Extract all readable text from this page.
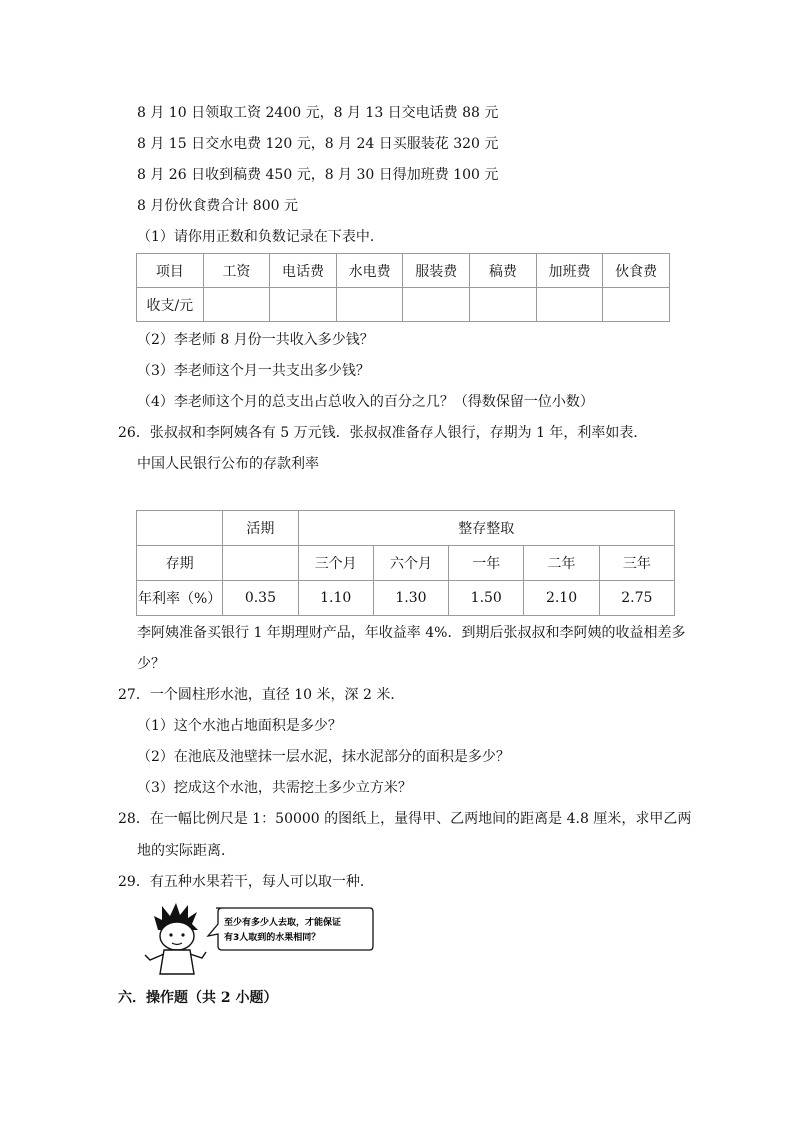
8 月 10 日领取工资 2400 元，8 月 13 日交电话费 88 元
8 月 15 日交水电费 120 元，8 月 24 日买服装花 320 元
8 月 26 日收到稿费 450 元，8 月 30 日得加班费 100 元
8 月份伙食费合计 800 元
（1）请你用正数和负数记录在下表中．
项目	工资	电话费	水电费	服装费	稿费	加班费	伙食费
收支/元							
（2）李老师 8 月份一共收入多少钱？
（3）李老师这个月一共支出多少钱？
（4）李老师这个月的总支出占总收入的百分之几？（得数保留一位小数）
26．张叔叔和李阿姨各有 5 万元钱．张叔叔准备存人银行，存期为 1 年，利率如表．
中国人民银行公布的存款利率
	活期	整存整取				
存期		三个月	六个月	一年	二年	三年
年利率（%）	0.35	1.10	1.30	1.50	2.10	2.75
李阿姨准备买银行 1 年期理财产品，年收益率 4%．到期后张叔叔和李阿姨的收益相差多
少？
27．一个圆柱形水池，直径 10 米，深 2 米．
（1）这个水池占地面积是多少？
（2）在池底及池壁抹一层水泥，抹水泥部分的面积是多少？
（3）挖成这个水池，共需挖土多少立方米？
28．在一幅比例尺是 1：50000 的图纸上，量得甲、乙两地间的距离是 4.8 厘米，求甲乙两
地的实际距离．
29．有五种水果若干，每人可以取一种．
至少有多少人去取，才能保证
有3人取到的水果相同？
六．操作题（共 2 小题）
